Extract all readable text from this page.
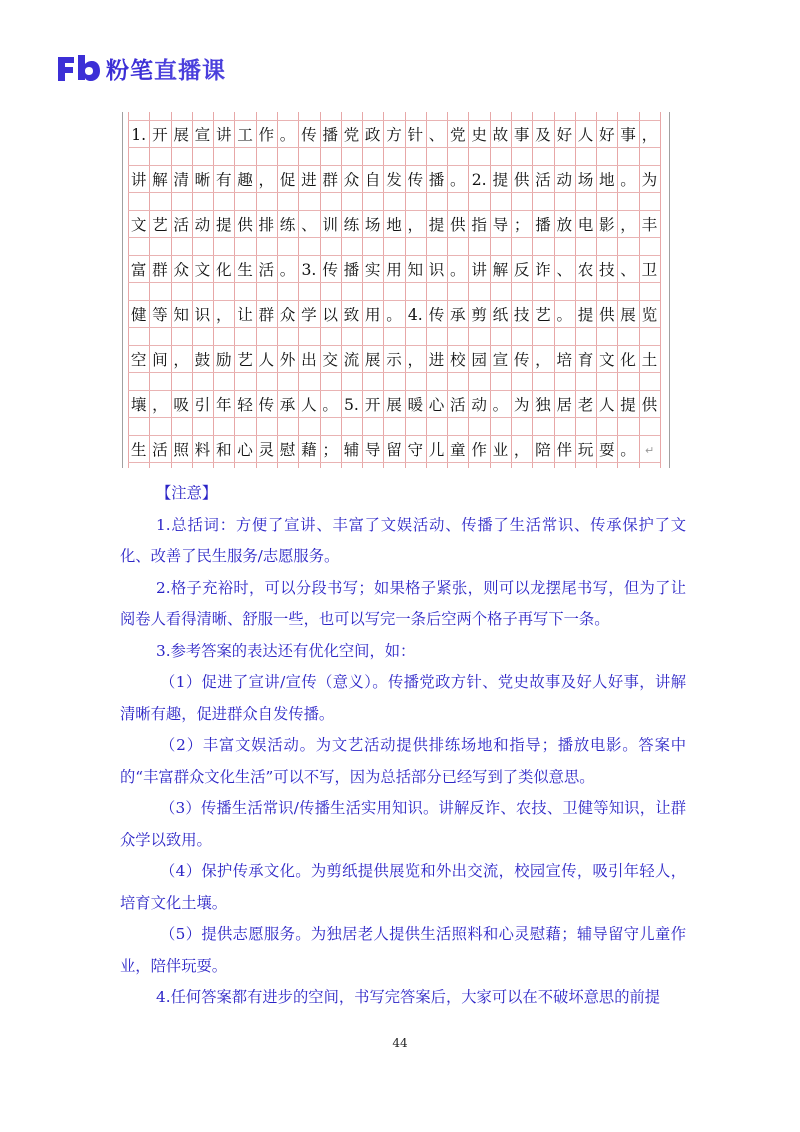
粉笔直播课
1. 开 展 宣 讲 工 作 。 传 播 党 政 方 针 、 党 史 故 事 及 好 人 好 事 ，
讲 解 清 晰 有 趣 ， 促 进 群 众 自 发 传 播 。 2. 提 供 活 动 场 地 。 为
文 艺 活 动 提 供 排 练 、 训 练 场 地 ， 提 供 指 导 ； 播 放 电 影 ， 丰
富 群 众 文 化 生 活 。 3. 传 播 实 用 知 识 。 讲 解 反 诈 、 农 技 、 卫
健 等 知 识 ， 让 群 众 学 以 致 用 。 4. 传 承 剪 纸 技 艺 。 提 供 展 览
空 间 ， 鼓 励 艺 人 外 出 交 流 展 示 ， 进 校 园 宣 传 ， 培 育 文 化 土
壤 ， 吸 引 年 轻 传 承 人 。 5. 开 展 暖 心 活 动 。 为 独 居 老 人 提 供
生 活 照 料 和 心 灵 慰 藉 ； 辅 导 留 守 儿 童 作 业 ， 陪 伴 玩 耍 。 ↵

【注意】

1.总括词：方便了宣讲、丰富了文娱活动、传播了生活常识、传承保护了文化、改善了民生服务/志愿服务。

2.格子充裕时，可以分段书写；如果格子紧张，则可以龙摆尾书写，但为了让阅卷人看得清晰、舒服一些，也可以写完一条后空两个格子再写下一条。

3.参考答案的表达还有优化空间，如：

（1）促进了宣讲/宣传（意义）。传播党政方针、党史故事及好人好事，讲解清晰有趣，促进群众自发传播。

（2）丰富文娱活动。为文艺活动提供排练场地和指导；播放电影。答案中的“丰富群众文化生活”可以不写，因为总括部分已经写到了类似意思。

（3）传播生活常识/传播生活实用知识。讲解反诈、农技、卫健等知识，让群众学以致用。

（4）保护传承文化。为剪纸提供展览和外出交流，校园宣传，吸引年轻人，培育文化土壤。

（5）提供志愿服务。为独居老人提供生活照料和心灵慰藉；辅导留守儿童作业，陪伴玩耍。

4.任何答案都有进步的空间，书写完答案后，大家可以在不破坏意思的前提

44
